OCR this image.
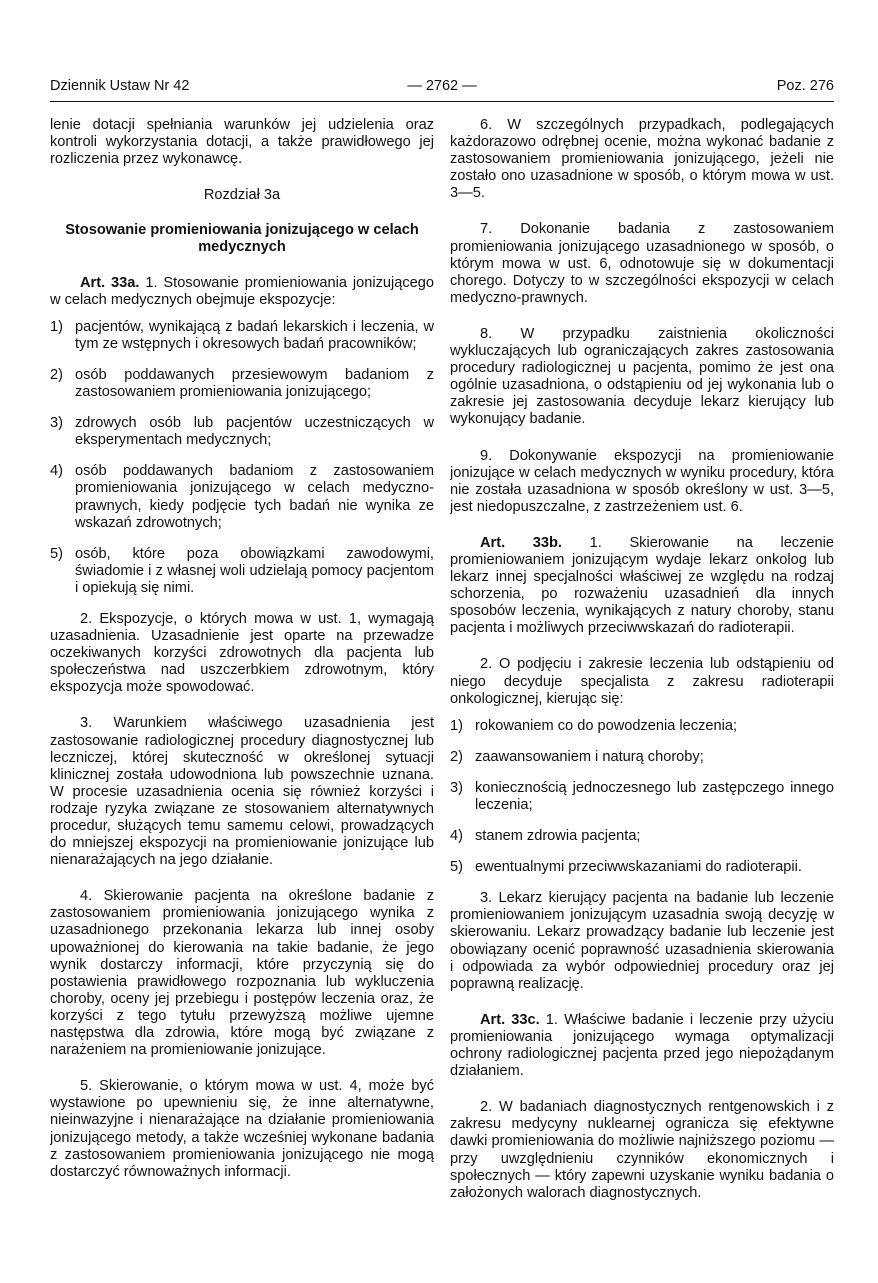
Dziennik Ustaw Nr 42	— 2762 —	Poz. 276

lenie dotacji spełniania warunków jej udzielenia oraz kontroli wykorzystania dotacji, a także prawidłowego jej rozliczenia przez wykonawcę.

Rozdział 3a

Stosowanie promieniowania jonizującego w celach medycznych

Art. 33a. 1. Stosowanie promieniowania jonizującego w celach medycznych obejmuje ekspozycje:

1) pacjentów, wynikającą z badań lekarskich i leczenia, w tym ze wstępnych i okresowych badań pracowników;
2) osób poddawanych przesiewowym badaniom z zastosowaniem promieniowania jonizującego;
3) zdrowych osób lub pacjentów uczestniczących w eksperymentach medycznych;
4) osób poddawanych badaniom z zastosowaniem promieniowania jonizującego w celach medyczno-prawnych, kiedy podjęcie tych badań nie wynika ze wskazań zdrowotnych;
5) osób, które poza obowiązkami zawodowymi, świadomie i z własnej woli udzielają pomocy pacjentom i opiekują się nimi.

2. Ekspozycje, o których mowa w ust. 1, wymagają uzasadnienia. Uzasadnienie jest oparte na przewadze oczekiwanych korzyści zdrowotnych dla pacjenta lub społeczeństwa nad uszczerbkiem zdrowotnym, który ekspozycja może spowodować.

3. Warunkiem właściwego uzasadnienia jest zastosowanie radiologicznej procedury diagnostycznej lub leczniczej, której skuteczność w określonej sytuacji klinicznej została udowodniona lub powszechnie uznana. W procesie uzasadnienia ocenia się również korzyści i rodzaje ryzyka związane ze stosowaniem alternatywnych procedur, służących temu samemu celowi, prowadzących do mniejszej ekspozycji na promieniowanie jonizujące lub nienarażających na jego działanie.

4. Skierowanie pacjenta na określone badanie z zastosowaniem promieniowania jonizującego wynika z uzasadnionego przekonania lekarza lub innej osoby upoważnionej do kierowania na takie badanie, że jego wynik dostarczy informacji, które przyczynią się do postawienia prawidłowego rozpoznania lub wykluczenia choroby, oceny jej przebiegu i postępów leczenia oraz, że korzyści z tego tytułu przewyższą możliwe ujemne następstwa dla zdrowia, które mogą być związane z narażeniem na promieniowanie jonizujące.

5. Skierowanie, o którym mowa w ust. 4, może być wystawione po upewnieniu się, że inne alternatywne, nieinwazyjne i nienarażające na działanie promieniowania jonizującego metody, a także wcześniej wykonane badania z zastosowaniem promieniowania jonizującego nie mogą dostarczyć równoważnych informacji.

6. W szczególnych przypadkach, podlegających każdorazowo odrębnej ocenie, można wykonać badanie z zastosowaniem promieniowania jonizującego, jeżeli nie zostało ono uzasadnione w sposób, o którym mowa w ust. 3—5.

7. Dokonanie badania z zastosowaniem promieniowania jonizującego uzasadnionego w sposób, o którym mowa w ust. 6, odnotowuje się w dokumentacji chorego. Dotyczy to w szczególności ekspozycji w celach medyczno-prawnych.

8. W przypadku zaistnienia okoliczności wykluczających lub ograniczających zakres zastosowania procedury radiologicznej u pacjenta, pomimo że jest ona ogólnie uzasadniona, o odstąpieniu od jej wykonania lub o zakresie jej zastosowania decyduje lekarz kierujący lub wykonujący badanie.

9. Dokonywanie ekspozycji na promieniowanie jonizujące w celach medycznych w wyniku procedury, która nie została uzasadniona w sposób określony w ust. 3—5, jest niedopuszczalne, z zastrzeżeniem ust. 6.

Art. 33b. 1. Skierowanie na leczenie promieniowaniem jonizującym wydaje lekarz onkolog lub lekarz innej specjalności właściwej ze względu na rodzaj schorzenia, po rozważeniu uzasadnień dla innych sposobów leczenia, wynikających z natury choroby, stanu pacjenta i możliwych przeciwwskazań do radioterapii.

2. O podjęciu i zakresie leczenia lub odstąpieniu od niego decyduje specjalista z zakresu radioterapii onkologicznej, kierując się:

1) rokowaniem co do powodzenia leczenia;
2) zaawansowaniem i naturą choroby;
3) koniecznością jednoczesnego lub zastępczego innego leczenia;
4) stanem zdrowia pacjenta;
5) ewentualnymi przeciwwskazaniami do radioterapii.

3. Lekarz kierujący pacjenta na badanie lub leczenie promieniowaniem jonizującym uzasadnia swoją decyzję w skierowaniu. Lekarz prowadzący badanie lub leczenie jest obowiązany ocenić poprawność uzasadnienia skierowania i odpowiada za wybór odpowiedniej procedury oraz jej poprawną realizację.

Art. 33c. 1. Właściwe badanie i leczenie przy użyciu promieniowania jonizującego wymaga optymalizacji ochrony radiologicznej pacjenta przed jego niepożądanym działaniem.

2. W badaniach diagnostycznych rentgenowskich i z zakresu medycyny nuklearnej ogranicza się efektywne dawki promieniowania do możliwie najniższego poziomu — przy uwzględnieniu czynników ekonomicznych i społecznych — który zapewni uzyskanie wyniku badania o założonych walorach diagnostycznych.
